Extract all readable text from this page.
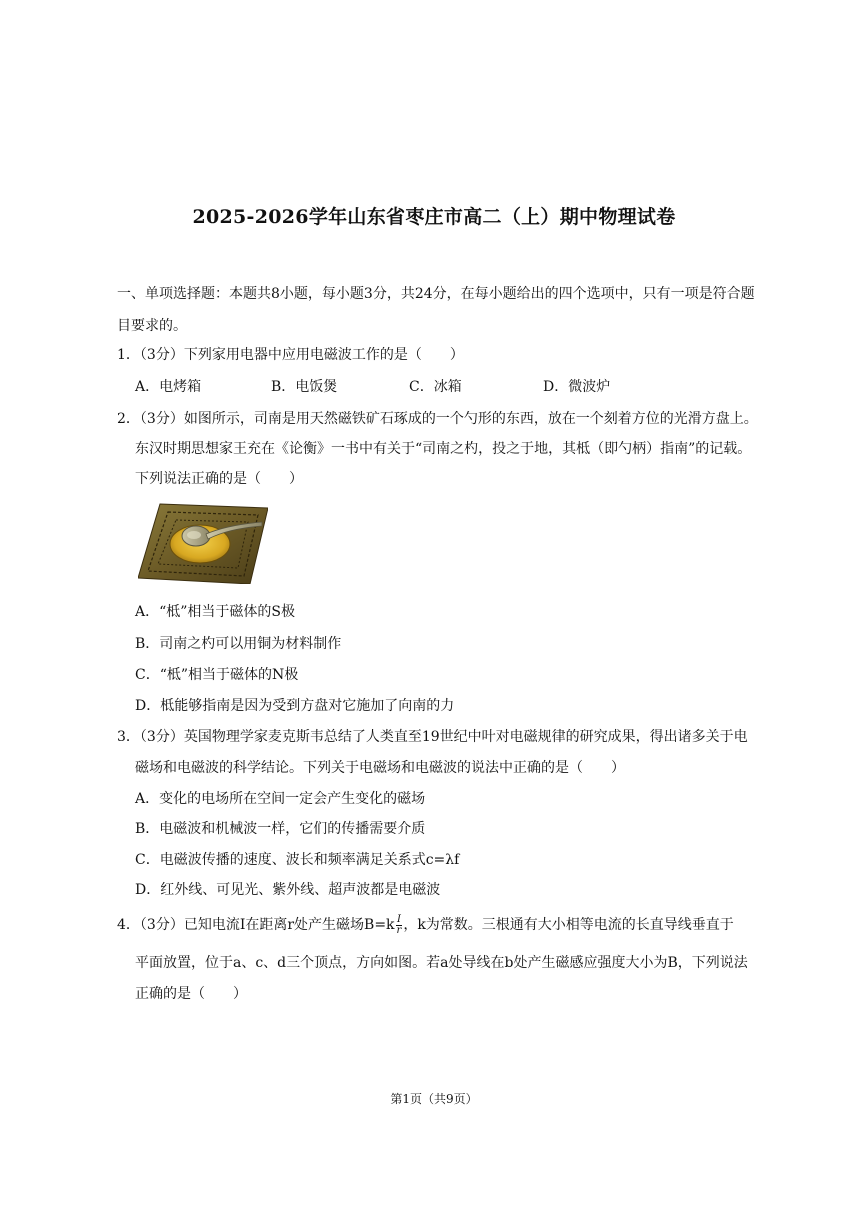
2025-2026学年山东省枣庄市高二（上）期中物理试卷
一、单项选择题：本题共8小题，每小题3分，共24分，在每小题给出的四个选项中，只有一项是符合题目要求的。
1．（3分）下列家用电器中应用电磁波工作的是（　　）
A．电烤箱	B．电饭煲	C．冰箱	D．微波炉
2．（3分）如图所示，司南是用天然磁铁矿石琢成的一个勺形的东西，放在一个刻着方位的光滑方盘上。
东汉时期思想家王充在《论衡》一书中有关于“司南之杓，投之于地，其柢（即勺柄）指南”的记载。
下列说法正确的是（　　）
A．“柢”相当于磁体的S极
B．司南之杓可以用铜为材料制作
C．“柢”相当于磁体的N极
D．柢能够指南是因为受到方盘对它施加了向南的力
3．（3分）英国物理学家麦克斯韦总结了人类直至19世纪中叶对电磁规律的研究成果，得出诸多关于电
磁场和电磁波的科学结论。下列关于电磁场和电磁波的说法中正确的是（　　）
A．变化的电场所在空间一定会产生变化的磁场
B．电磁波和机械波一样，它们的传播需要介质
C．电磁波传播的速度、波长和频率满足关系式c=λf
D．红外线、可见光、紫外线、超声波都是电磁波
4．（3分）已知电流I在距离r处产生磁场$B=k \frac{I}{r}$ ，k为常数。三根通有大小相等电流的长直导线垂直于
平面放置，位于a、c、d三个顶点，方向如图。若a处导线在b处产生磁感应强度大小为B，下列说法
正确的是（　　）
第1页（共9页）
